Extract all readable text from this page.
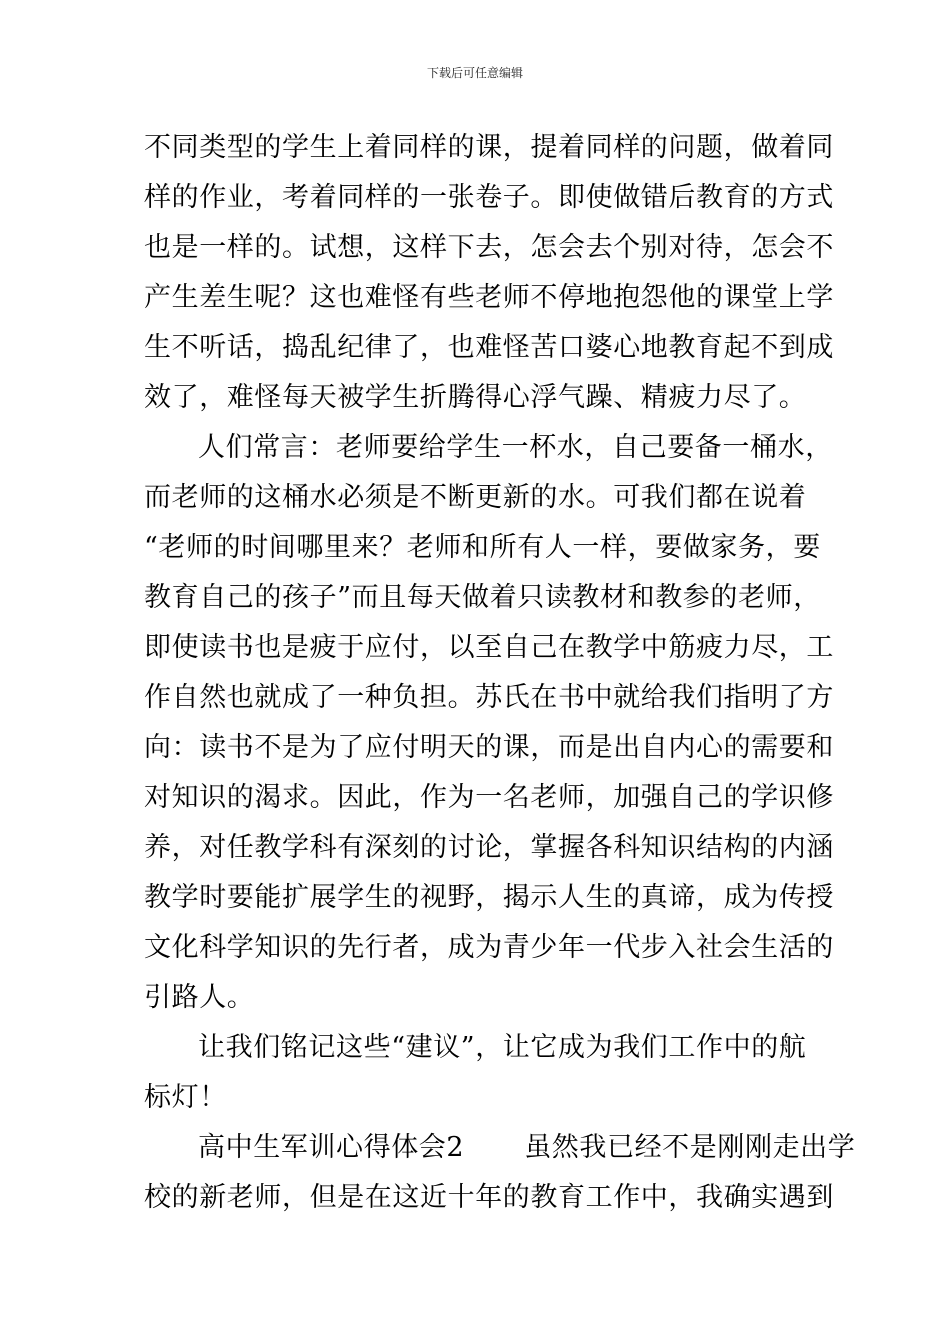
下载后可任意编辑
不同类型的学生上着同样的课，提着同样的问题，做着同
样的作业，考着同样的一张卷子。即使做错后教育的方式
也是一样的。试想，这样下去，怎会去个别对待，怎会不
产生差生呢？这也难怪有些老师不停地抱怨他的课堂上学
生不听话，捣乱纪律了，也难怪苦口婆心地教育起不到成
效了，难怪每天被学生折腾得心浮气躁、精疲力尽了。
人们常言：老师要给学生一杯水，自己要备一桶水，
而老师的这桶水必须是不断更新的水。可我们都在说着
“老师的时间哪里来？老师和所有人一样，要做家务，要
教育自己的孩子”而且每天做着只读教材和教参的老师，
即使读书也是疲于应付，以至自己在教学中筋疲力尽，工
作自然也就成了一种负担。苏氏在书中就给我们指明了方
向：读书不是为了应付明天的课，而是出自内心的需要和
对知识的渴求。因此，作为一名老师，加强自己的学识修
养，对任教学科有深刻的讨论，掌握各科知识结构的内涵
教学时要能扩展学生的视野，揭示人生的真谛，成为传授
文化科学知识的先行者，成为青少年一代步入社会生活的
引路人。
让我们铭记这些“建议”，让它成为我们工作中的航
标灯！
高中生军训心得体会2 虽然我已经不是刚刚走出学
校的新老师，但是在这近十年的教育工作中，我确实遇到
